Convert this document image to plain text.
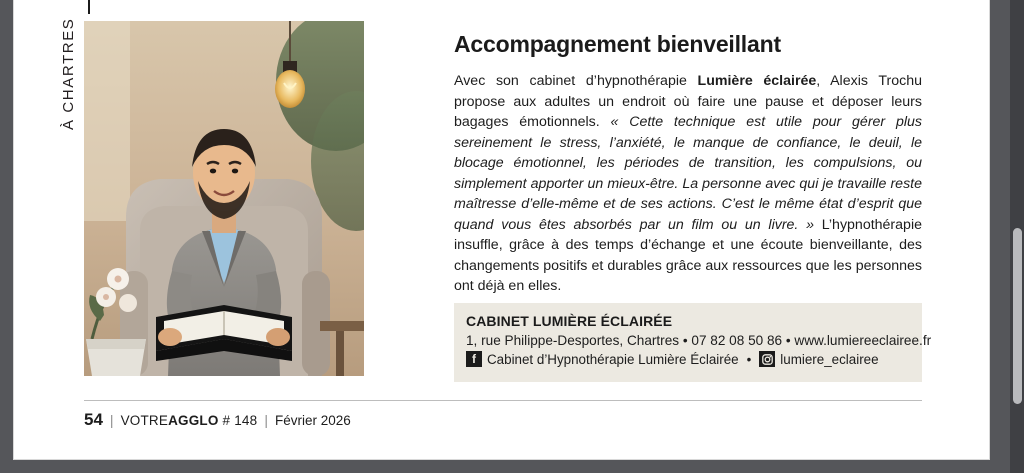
À CHARTRES	Accompagnement bienveillant
Avec son cabinet d’hypnothérapie Lumière éclairée, Alexis Trochu propose aux adultes un endroit où faire une pause et déposer leurs bagages émotionnels. « Cette technique est utile pour gérer plus sereinement le stress, l’anxiété, le manque de confiance, le deuil, le blocage émotionnel, les périodes de transition, les compulsions, ou simplement apporter un mieux-être. La personne avec qui je travaille reste maîtresse d’elle-même et de ses actions. C’est le même état d’esprit que quand vous êtes absorbés par un film ou un livre. » L’hypnothérapie insuffle, grâce à des temps d’échange et une écoute bienveillante, des changements positifs et durables grâce aux ressources que les personnes ont déjà en elles.
CABINET LUMIÈRE ÉCLAIRÉE
1, rue Philippe-Desportes, Chartres • 07 82 08 50 86 • www.lumiereeclairee.fr
f Cabinet d’Hypnothérapie Lumière Éclairée • lumiere_eclairee
54 | VOTREAGGLO # 148 | Février 2026
